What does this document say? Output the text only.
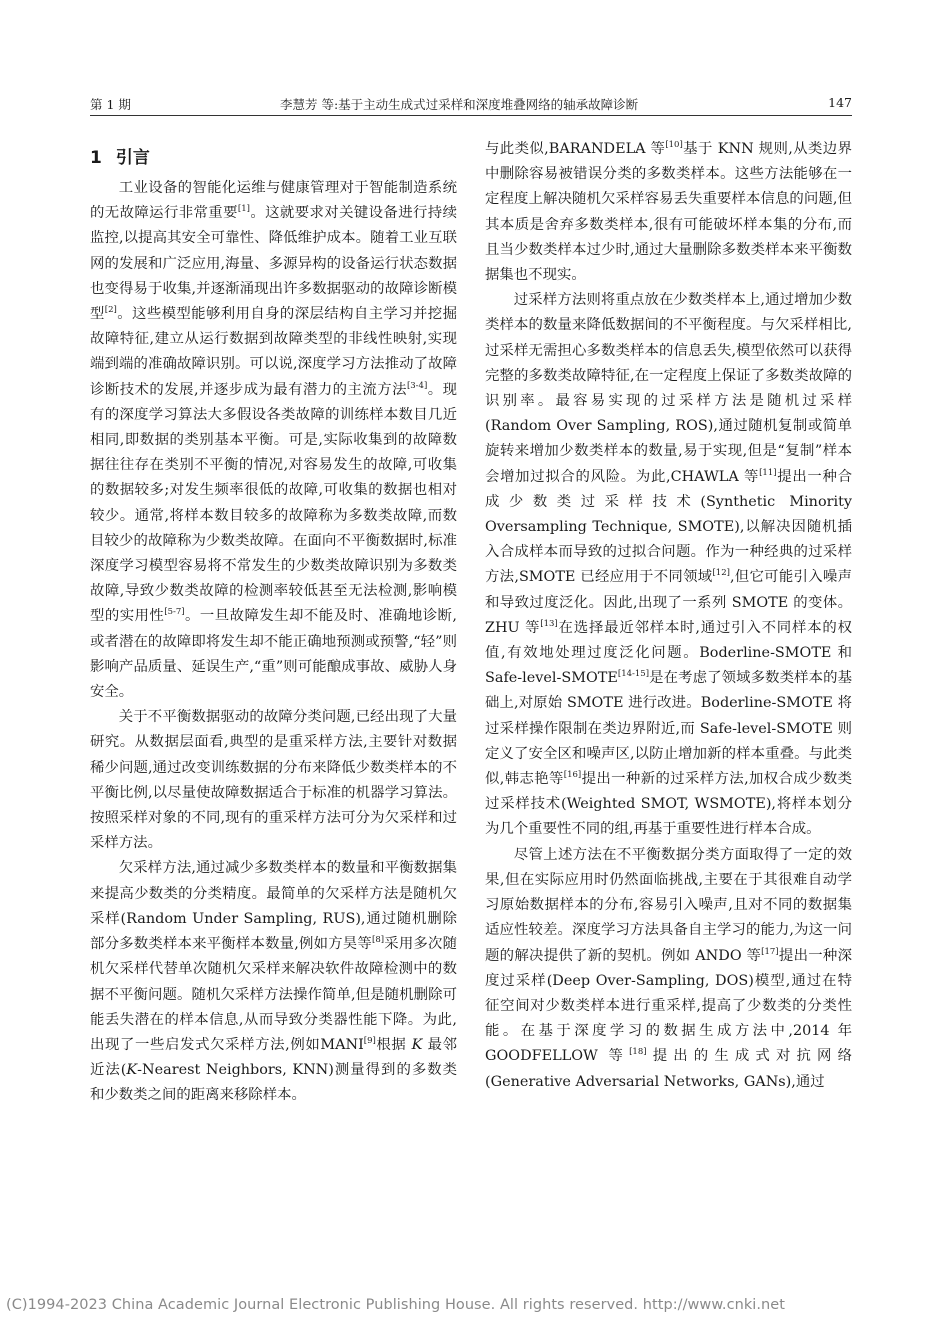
第 1 期	李慧芳 等:基于主动生成式过采样和深度堆叠网络的轴承故障诊断	147
1 引言

工业设备的智能化运维与健康管理对于智能制造系统的无故障运行非常重要[1]。这就要求对关键设备进行持续监控,以提高其安全可靠性、降低维护成本。随着工业互联网的发展和广泛应用,海量、多源异构的设备运行状态数据也变得易于收集,并逐渐涌现出许多数据驱动的故障诊断模型[2]。这些模型能够利用自身的深层结构自主学习并挖掘故障特征,建立从运行数据到故障类型的非线性映射,实现端到端的准确故障识别。可以说,深度学习方法推动了故障诊断技术的发展,并逐步成为最有潜力的主流方法[3-4]。现有的深度学习算法大多假设各类故障的训练样本数目几近相同,即数据的类别基本平衡。可是,实际收集到的故障数据往往存在类别不平衡的情况,对容易发生的故障,可收集的数据较多;对发生频率很低的故障,可收集的数据也相对较少。通常,将样本数目较多的故障称为多数类故障,而数目较少的故障称为少数类故障。在面向不平衡数据时,标准深度学习模型容易将不常发生的少数类故障识别为多数类故障,导致少数类故障的检测率较低甚至无法检测,影响模型的实用性[5-7]。一旦故障发生却不能及时、准确地诊断,或者潜在的故障即将发生却不能正确地预测或预警,“轻”则影响产品质量、延误生产,“重”则可能酿成事故、威胁人身安全。

关于不平衡数据驱动的故障分类问题,已经出现了大量研究。从数据层面看,典型的是重采样方法,主要针对数据稀少问题,通过改变训练数据的分布来降低少数类样本的不平衡比例,以尽量使故障数据适合于标准的机器学习算法。按照采样对象的不同,现有的重采样方法可分为欠采样和过采样方法。

欠采样方法,通过减少多数类样本的数量和平衡数据集来提高少数类的分类精度。最简单的欠采样方法是随机欠采样(Random Under Sampling, RUS),通过随机删除部分多数类样本来平衡样本数量,例如方昊等[8]采用多次随机欠采样代替单次随机欠采样来解决软件故障检测中的数据不平衡问题。随机欠采样方法操作简单,但是随机删除可能丢失潜在的样本信息,从而导致分类器性能下降。为此,出现了一些启发式欠采样方法,例如MANI[9]根据 K 最邻近法(K-Nearest Neighbors, KNN)测量得到的多数类和少数类之间的距离来移除样本。

与此类似,BARANDELA 等[10]基于 KNN 规则,从类边界中删除容易被错误分类的多数类样本。这些方法能够在一定程度上解决随机欠采样容易丢失重要样本信息的问题,但其本质是舍弃多数类样本,很有可能破坏样本集的分布,而且当少数类样本过少时,通过大量删除多数类样本来平衡数据集也不现实。

过采样方法则将重点放在少数类样本上,通过增加少数类样本的数量来降低数据间的不平衡程度。与欠采样相比,过采样无需担心多数类样本的信息丢失,模型依然可以获得完整的多数类故障特征,在一定程度上保证了多数类故障的识别率。最容易实现的过采样方法是随机过采样(Random Over Sampling, ROS),通过随机复制或简单旋转来增加少数类样本的数量,易于实现,但是“复制”样本会增加过拟合的风险。为此,CHAWLA 等[11]提出一种合成少数类过采样技术(Synthetic Minority Oversampling Technique, SMOTE),以解决因随机插入合成样本而导致的过拟合问题。作为一种经典的过采样方法,SMOTE 已经应用于不同领域[12],但它可能引入噪声和导致过度泛化。因此,出现了一系列 SMOTE 的变体。ZHU 等[13]在选择最近邻样本时,通过引入不同样本的权值,有效地处理过度泛化问题。Boderline-SMOTE 和 Safe-level-SMOTE[14-15]是在考虑了领域多数类样本的基础上,对原始 SMOTE 进行改进。Boderline-SMOTE 将过采样操作限制在类边界附近,而 Safe-level-SMOTE 则定义了安全区和噪声区,以防止增加新的样本重叠。与此类似,韩志艳等[16]提出一种新的过采样方法,加权合成少数类过采样技术(Weighted SMOT, WSMOTE),将样本划分为几个重要性不同的组,再基于重要性进行样本合成。

尽管上述方法在不平衡数据分类方面取得了一定的效果,但在实际应用时仍然面临挑战,主要在于其很难自动学习原始数据样本的分布,容易引入噪声,且对不同的数据集适应性较差。深度学习方法具备自主学习的能力,为这一问题的解决提供了新的契机。例如 ANDO 等[17]提出一种深度过采样(Deep Over-Sampling, DOS)模型,通过在特征空间对少数类样本进行重采样,提高了少数类的分类性能。在基于深度学习的数据生成方法中,2014 年 GOODFELLOW 等[18]提出的生成式对抗网络(Generative Adversarial Networks, GANs),通过

(C)1994-2023 China Academic Journal Electronic Publishing House. All rights reserved. http://www.cnki.net
